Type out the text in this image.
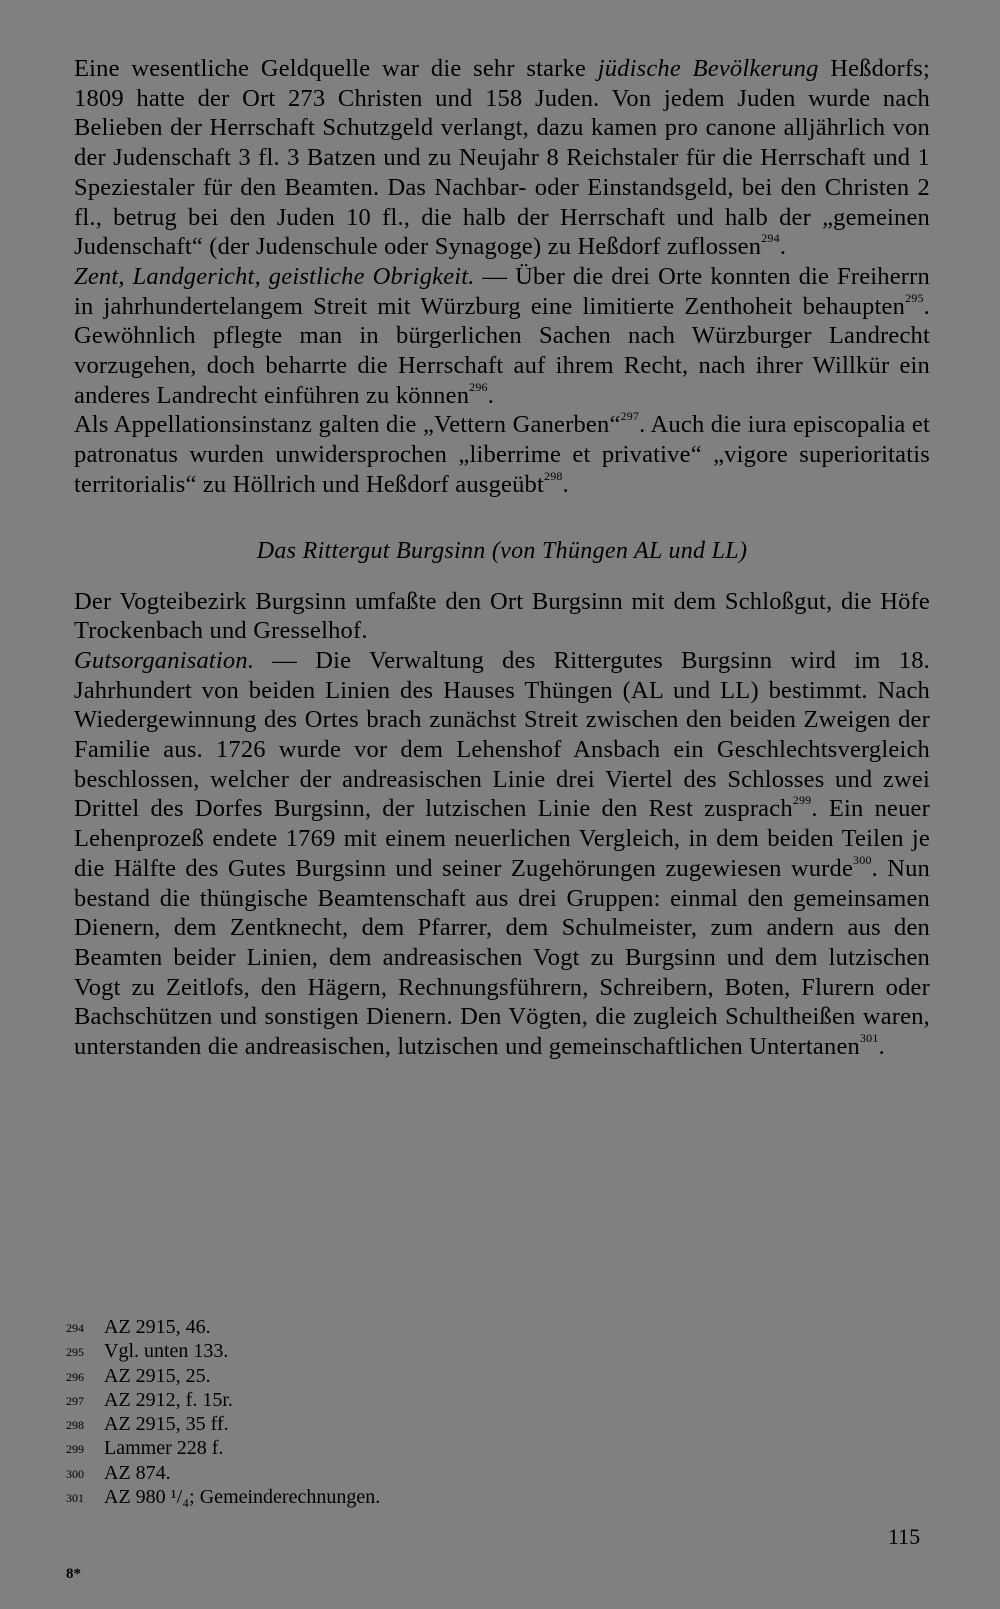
Eine wesentliche Geldquelle war die sehr starke jüdische Bevölkerung Heßdorfs; 1809 hatte der Ort 273 Christen und 158 Juden. Von jedem Juden wurde nach Belieben der Herrschaft Schutzgeld verlangt, dazu kamen pro canone alljährlich von der Judenschaft 3 fl. 3 Batzen und zu Neujahr 8 Reichstaler für die Herrschaft und 1 Speziestaler für den Beamten. Das Nachbar- oder Einstandsgeld, bei den Christen 2 fl., betrug bei den Juden 10 fl., die halb der Herrschaft und halb der „gemeinen Judenschaft“ (der Judenschule oder Synagoge) zu Heßdorf zuflossen$^{294}$.

Zent, Landgericht, geistliche Obrigkeit. — Über die drei Orte konnten die Freiherrn in jahrhundertelangem Streit mit Würzburg eine limitierte Zenthoheit behaupten$^{295}$. Gewöhnlich pflegte man in bürgerlichen Sachen nach Würzburger Landrecht vorzugehen, doch beharrte die Herrschaft auf ihrem Recht, nach ihrer Willkür ein anderes Landrecht einführen zu können$^{296}$.

Als Appellationsinstanz galten die „Vettern Ganerben“$^{297}$. Auch die iura episcopalia et patronatus wurden unwidersprochen „liberrime et privative“ „vigore superioritatis territorialis“ zu Höllrich und Heßdorf ausgeübt$^{298}$.

Das Rittergut Burgsinn (von Thüngen AL und LL)

Der Vogteibezirk Burgsinn umfaßte den Ort Burgsinn mit dem Schloßgut, die Höfe Trockenbach und Gresselhof.

Gutsorganisation. — Die Verwaltung des Rittergutes Burgsinn wird im 18. Jahrhundert von beiden Linien des Hauses Thüngen (AL und LL) bestimmt. Nach Wiedergewinnung des Ortes brach zunächst Streit zwischen den beiden Zweigen der Familie aus. 1726 wurde vor dem Lehenshof Ansbach ein Geschlechtsvergleich beschlossen, welcher der andreasischen Linie drei Viertel des Schlosses und zwei Drittel des Dorfes Burgsinn, der lutzischen Linie den Rest zusprach$^{299}$. Ein neuer Lehenprozeß endete 1769 mit einem neuerlichen Vergleich, in dem beiden Teilen je die Hälfte des Gutes Burgsinn und seiner Zugehörungen zugewiesen wurde$^{300}$. Nun bestand die thüngische Beamtenschaft aus drei Gruppen: einmal den gemeinsamen Dienern, dem Zentknecht, dem Pfarrer, dem Schulmeister, zum andern aus den Beamten beider Linien, dem andreasischen Vogt zu Burgsinn und dem lutzischen Vogt zu Zeitlofs, den Hägern, Rechnungsführern, Schreibern, Boten, Flurern oder Bachschützen und sonstigen Dienern. Den Vögten, die zugleich Schultheißen waren, unterstanden die andreasischen, lutzischen und gemeinschaftlichen Untertanen$^{301}$.

294 AZ 2915, 46.
295 Vgl. unten 133.
296 AZ 2915, 25.
297 AZ 2912, f. 15r.
298 AZ 2915, 35 ff.
299 Lammer 228 f.
300 AZ 874.
301 AZ 980 ¹/₄; Gemeinderechnungen.
115
8*
